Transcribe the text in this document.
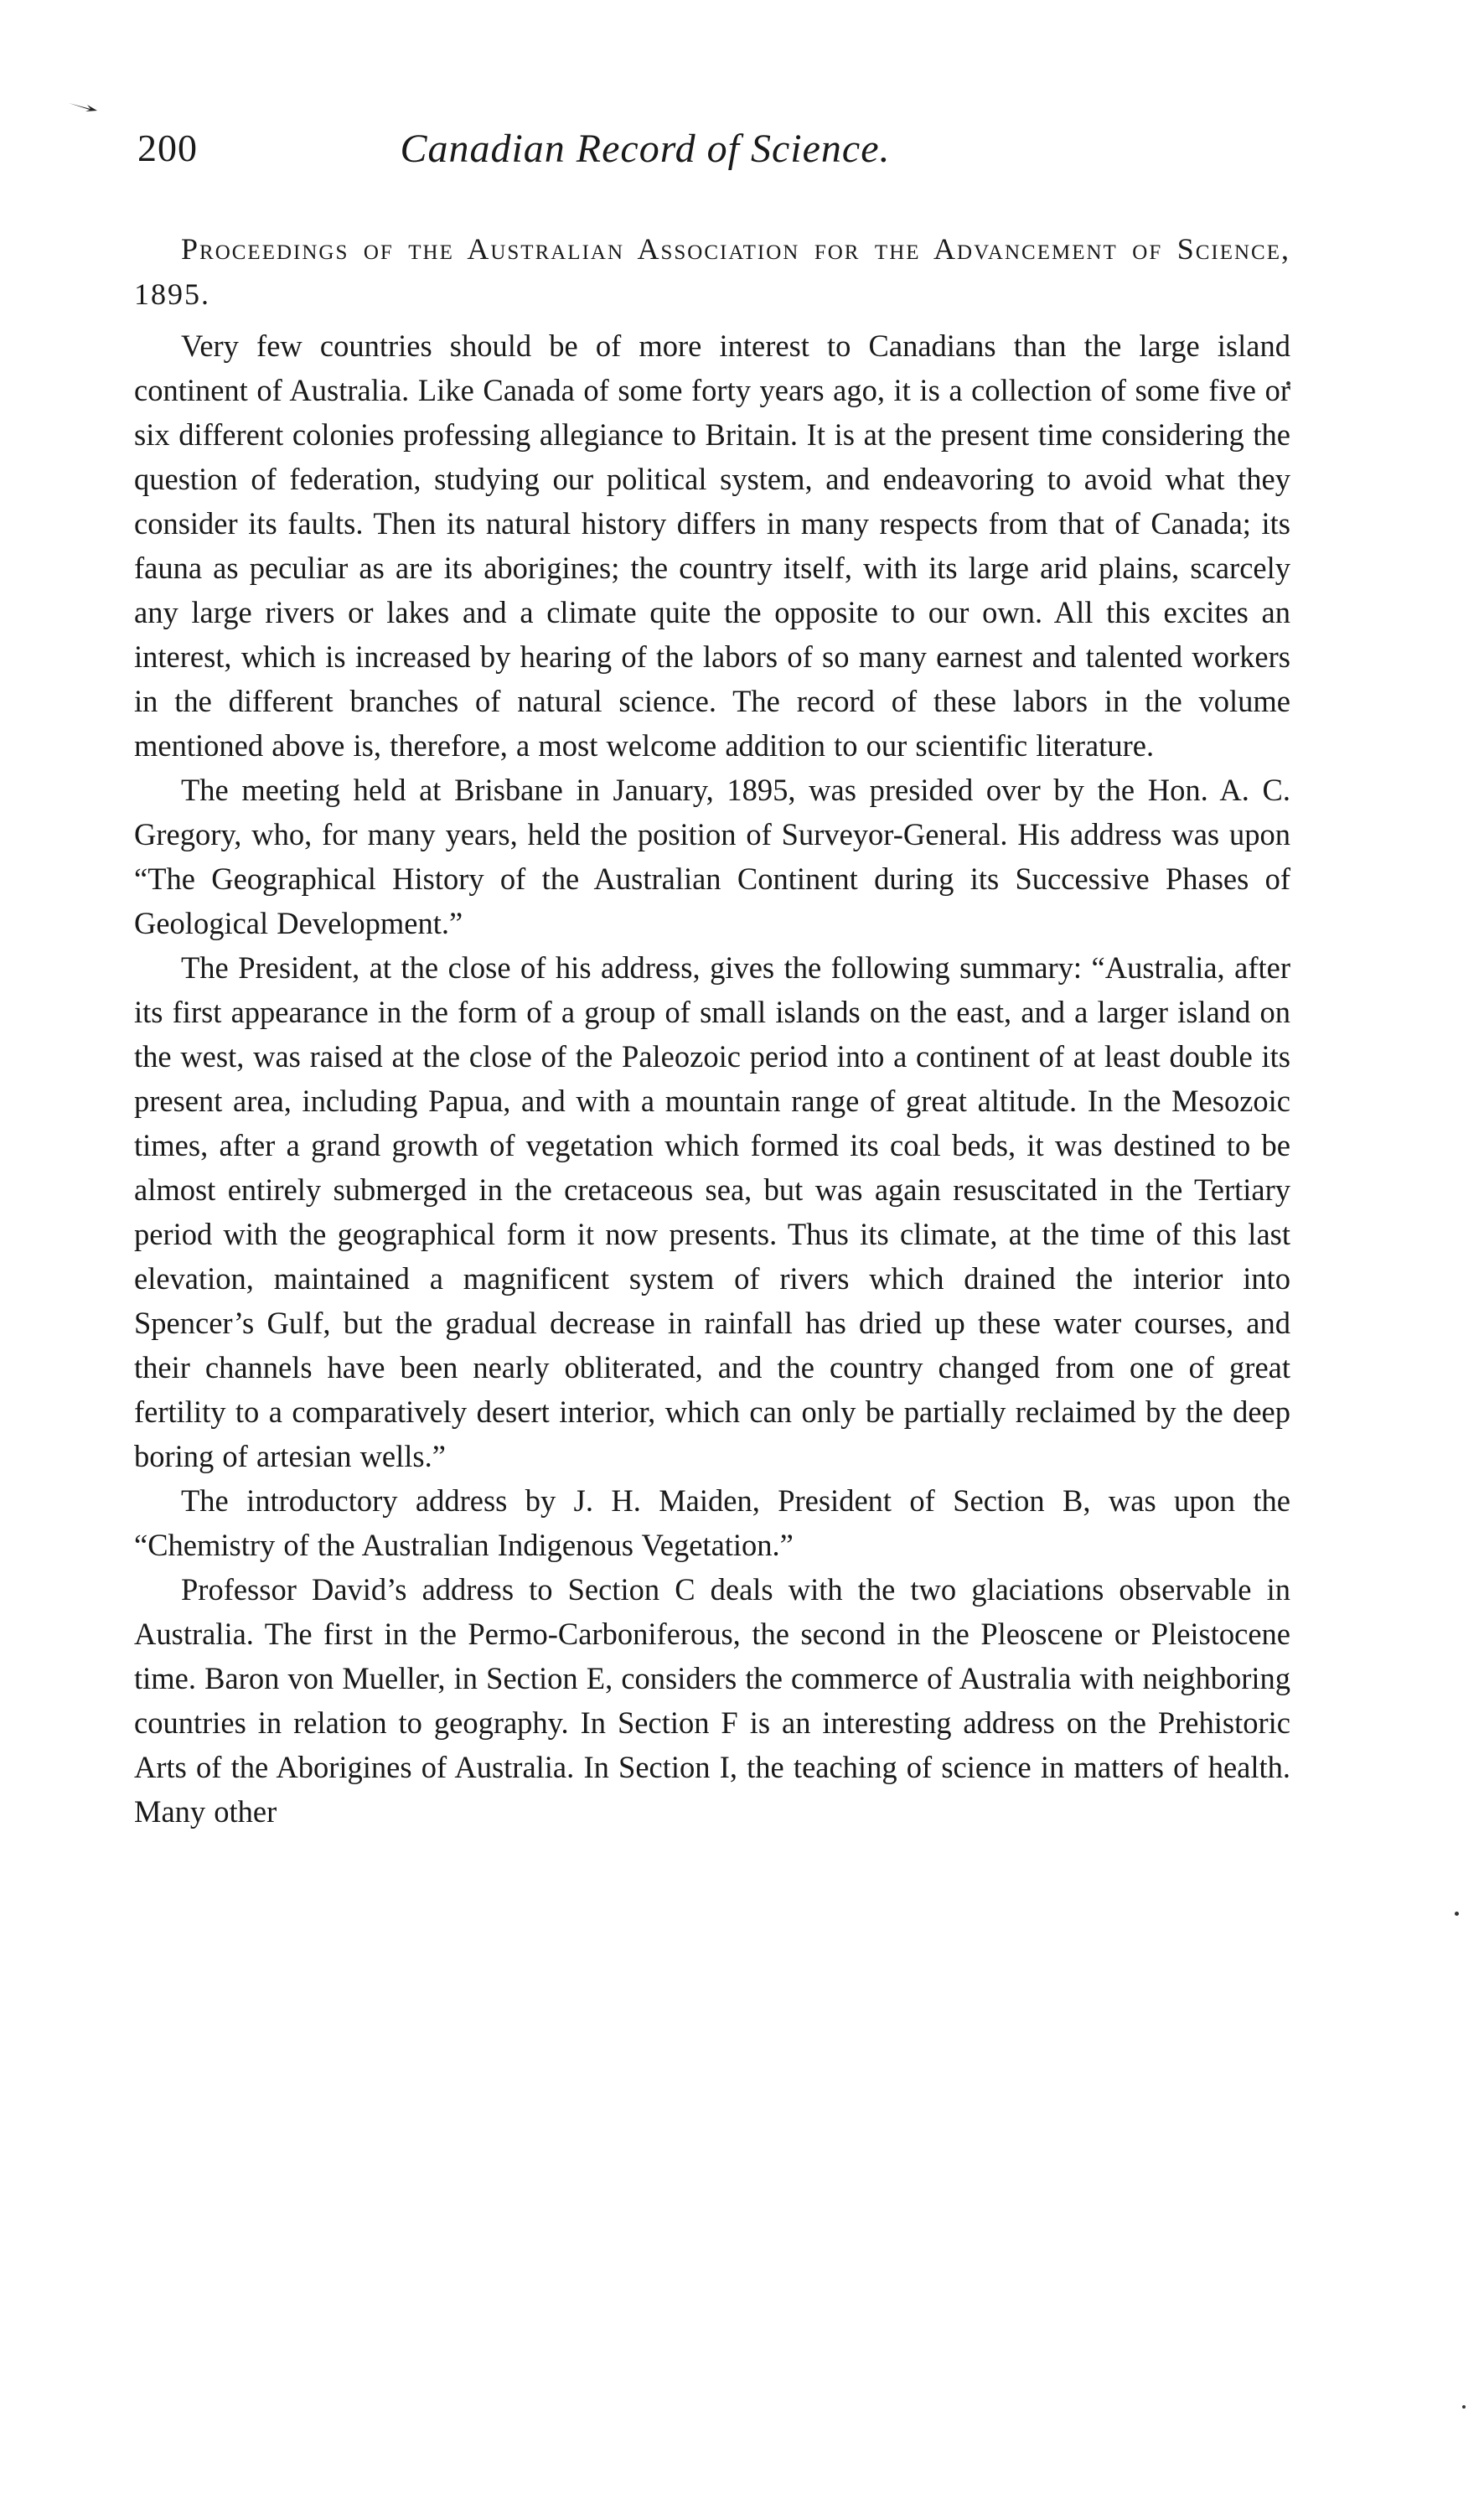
200	Canadian Record of Science.

Proceedings of the Australian Association for the Advancement of Science, 1895.

Very few countries should be of more interest to Canadians than the large island continent of Australia. Like Canada of some forty years ago, it is a collection of some five or six different colonies professing allegiance to Britain. It is at the present time considering the question of federation, studying our political system, and endeavoring to avoid what they consider its faults. Then its natural history differs in many respects from that of Canada; its fauna as peculiar as are its aborigines; the country itself, with its large arid plains, scarcely any large rivers or lakes and a climate quite the opposite to our own. All this excites an interest, which is increased by hearing of the labors of so many earnest and talented workers in the different branches of natural science. The record of these labors in the volume mentioned above is, therefore, a most welcome addition to our scientific literature.

The meeting held at Brisbane in January, 1895, was presided over by the Hon. A. C. Gregory, who, for many years, held the position of Surveyor-General. His address was upon “The Geographical History of the Australian Continent during its Successive Phases of Geological Development.”

The President, at the close of his address, gives the following summary: “Australia, after its first appearance in the form of a group of small islands on the east, and a larger island on the west, was raised at the close of the Paleozoic period into a continent of at least double its present area, including Papua, and with a mountain range of great altitude. In the Mesozoic times, after a grand growth of vegetation which formed its coal beds, it was destined to be almost entirely submerged in the cretaceous sea, but was again resuscitated in the Tertiary period with the geographical form it now presents. Thus its climate, at the time of this last elevation, maintained a magnificent system of rivers which drained the interior into Spencer’s Gulf, but the gradual decrease in rainfall has dried up these water courses, and their channels have been nearly obliterated, and the country changed from one of great fertility to a comparatively desert interior, which can only be partially reclaimed by the deep boring of artesian wells.”

The introductory address by J. H. Maiden, President of Section B, was upon the “Chemistry of the Australian Indigenous Vegetation.”

Professor David’s address to Section C deals with the two glaciations observable in Australia. The first in the Permo-Carboniferous, the second in the Pleoscene or Pleistocene time. Baron von Mueller, in Section E, considers the commerce of Australia with neighboring countries in relation to geography. In Section F is an interesting address on the Prehistoric Arts of the Aborigines of Australia. In Section I, the teaching of science in matters of health. Many other
